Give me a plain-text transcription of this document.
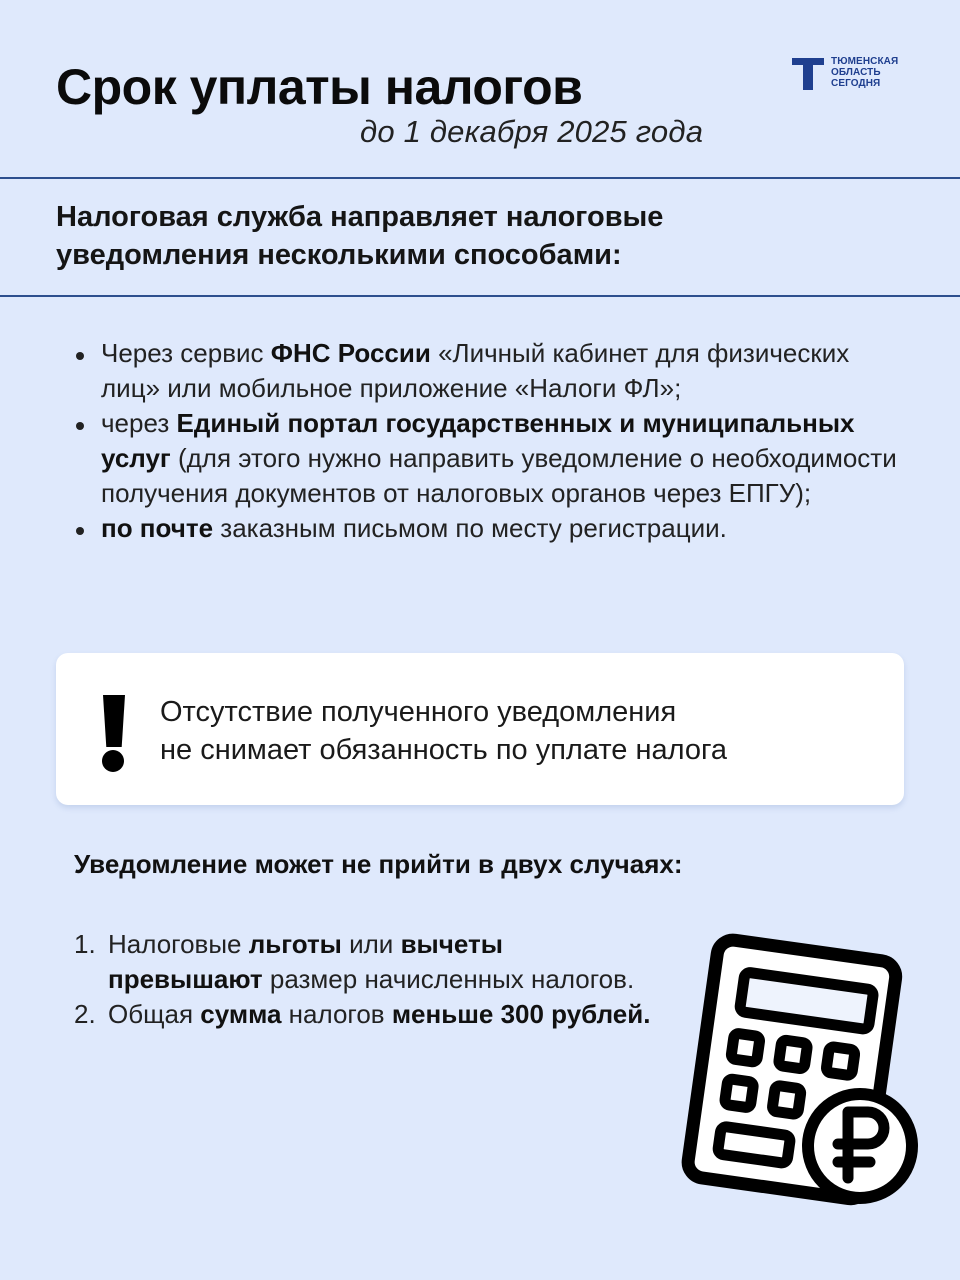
Срок уплаты налогов
до 1 декабря 2025 года
ТЮМЕНСКАЯ
ОБЛАСТЬ
СЕГОДНЯ
Налоговая служба направляет налоговые
уведомления несколькими способами:
Через сервис ФНС России «Личный кабинет для физических лиц» или мобильное приложение «Налоги ФЛ»;
через Единый портал государственных и муниципальных услуг (для этого нужно направить уведомление о необходимости получения документов от налоговых органов через ЕПГУ);
по почте заказным письмом по месту регистрации.
Отсутствие полученного уведомления
не снимает обязанность по уплате налога
Уведомление может не прийти в двух случаях:
1. Налоговые льготы или вычеты превышают размер начисленных налогов.
2. Общая сумма налогов меньше 300 рублей.
